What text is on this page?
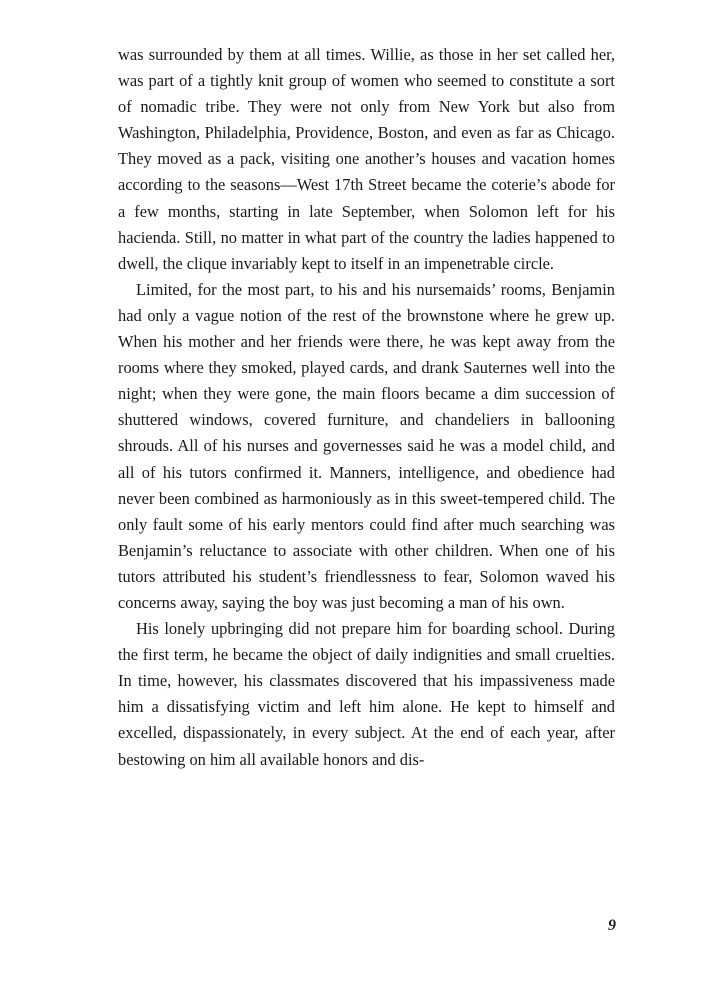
was surrounded by them at all times. Willie, as those in her set called her, was part of a tightly knit group of women who seemed to constitute a sort of nomadic tribe. They were not only from New York but also from Washington, Philadelphia, Providence, Boston, and even as far as Chicago. They moved as a pack, visiting one another’s houses and vacation homes according to the seasons—West 17th Street became the coterie’s abode for a few months, starting in late September, when Solomon left for his hacienda. Still, no matter in what part of the country the ladies happened to dwell, the clique invariably kept to itself in an impenetrable circle.

Limited, for the most part, to his and his nursemaids’ rooms, Benjamin had only a vague notion of the rest of the brownstone where he grew up. When his mother and her friends were there, he was kept away from the rooms where they smoked, played cards, and drank Sauternes well into the night; when they were gone, the main floors became a dim succession of shuttered windows, covered furniture, and chandeliers in ballooning shrouds. All of his nurses and governesses said he was a model child, and all of his tutors confirmed it. Manners, intelligence, and obedience had never been combined as harmoniously as in this sweet-tempered child. The only fault some of his early mentors could find after much searching was Benjamin’s reluctance to associate with other children. When one of his tutors attributed his student’s friendlessness to fear, Solomon waved his concerns away, saying the boy was just becoming a man of his own.

His lonely upbringing did not prepare him for boarding school. During the first term, he became the object of daily indignities and small cruelties. In time, however, his classmates discovered that his impassiveness made him a dissatisfying victim and left him alone. He kept to himself and excelled, dispassionately, in every subject. At the end of each year, after bestowing on him all available honors and dis-

9
